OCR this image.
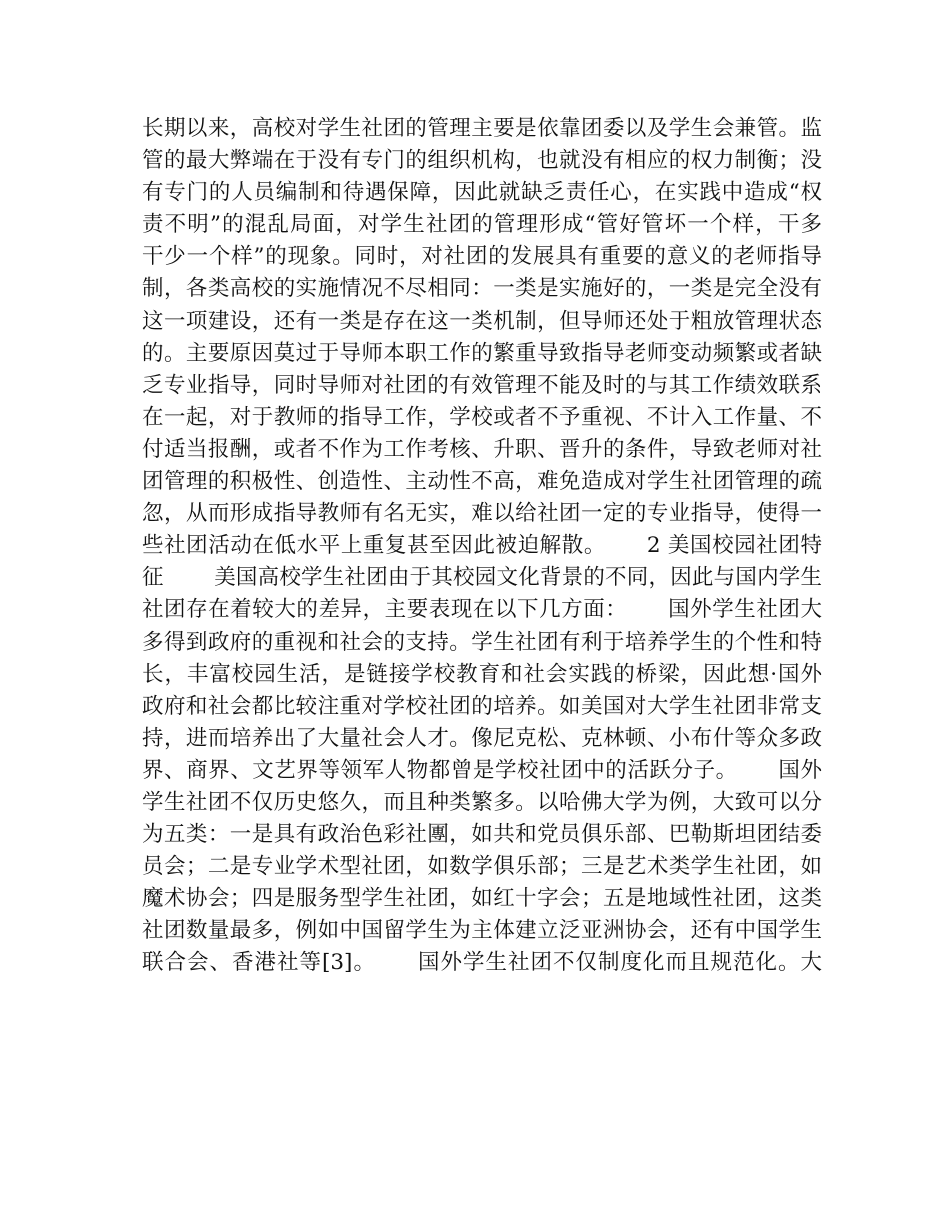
长期以来，高校对学生社团的管理主要是依靠团委以及学生会兼管。监
管的最大弊端在于没有专门的组织机构，也就没有相应的权力制衡；没
有专门的人员编制和待遇保障，因此就缺乏责任心，在实践中造成“权
责不明”的混乱局面，对学生社团的管理形成“管好管坏一个样，干多
干少一个样”的现象。同时，对社团的发展具有重要的意义的老师指导
制，各类高校的实施情况不尽相同：一类是实施好的，一类是完全没有
这一项建设，还有一类是存在这一类机制，但导师还处于粗放管理状态
的。主要原因莫过于导师本职工作的繁重导致指导老师变动频繁或者缺
乏专业指导，同时导师对社团的有效管理不能及时的与其工作绩效联系
在一起，对于教师的指导工作，学校或者不予重视、不计入工作量、不
付适当报酬，或者不作为工作考核、升职、晋升的条件，导致老师对社
团管理的积极性、创造性、主动性不高，难免造成对学生社团管理的疏
忽，从而形成指导教师有名无实，难以给社团一定的专业指导，使得一
些社团活动在低水平上重复甚至因此被迫解散。　　 2 美国校园社团特
征　　 美国高校学生社团由于其校园文化背景的不同，因此与国内学生
社团存在着较大的差异，主要表现在以下几方面：　　 国外学生社团大
多得到政府的重视和社会的支持。学生社团有利于培养学生的个性和特
长，丰富校园生活，是链接学校教育和社会实践的桥梁，因此想·国外
政府和社会都比较注重对学校社团的培养。如美国对大学生社团非常支
持，进而培养出了大量社会人才。像尼克松、克林顿、小布什等众多政
界、商界、文艺界等领军人物都曾是学校社团中的活跃分子。　　 国外
学生社团不仅历史悠久，而且种类繁多。以哈佛大学为例，大致可以分
为五类：一是具有政治色彩社團，如共和党员俱乐部、巴勒斯坦团结委
员会；二是专业学术型社团，如数学俱乐部；三是艺术类学生社团，如
魔术协会；四是服务型学生社团，如红十字会；五是地域性社团，这类
社团数量最多，例如中国留学生为主体建立泛亚洲协会，还有中国学生
联合会、香港社等[3]。　　 国外学生社团不仅制度化而且规范化。大
